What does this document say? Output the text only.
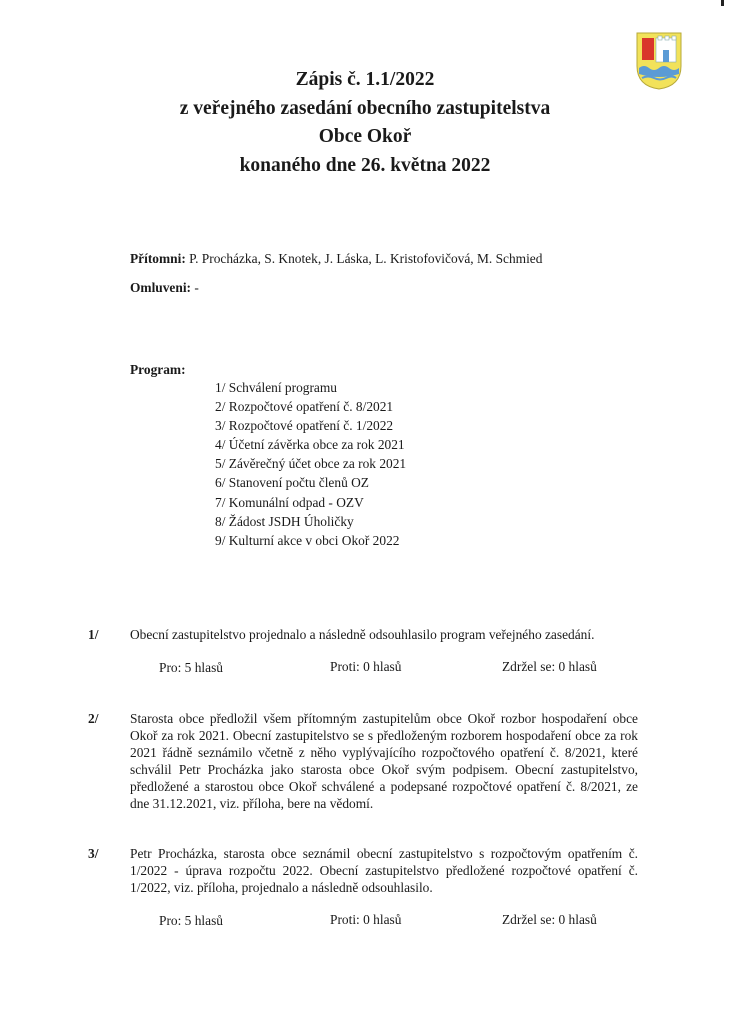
Zápis č. 1.1/2022
z veřejného zasedání obecního zastupitelstva
Obce Okoř
konaného dne 26. května 2022
Přítomni: P. Procházka, S. Knotek, J. Láska, L. Kristofovičová, M. Schmied
Omluveni: -
Program:
1/ Schválení programu
2/ Rozpočtové opatření č. 8/2021
3/ Rozpočtové opatření č. 1/2022
4/ Účetní závěrka obce za rok 2021
5/ Závěrečný účet obce za rok 2021
6/ Stanovení počtu členů OZ
7/ Komunální odpad - OZV
8/ Žádost JSDH Úholičky
9/ Kulturní akce v obci Okoř 2022
1/ Obecní zastupitelstvo projednalo a následně odsouhlasilo program veřejného zasedání.

Pro: 5 hlasů	Proti: 0 hlasů	Zdržel se: 0 hlasů
2/ Starosta obce předložil všem přítomným zastupitelům obce Okoř rozbor hospodaření obce Okoř za rok 2021. Obecní zastupitelstvo se s předloženým rozborem hospodaření obce za rok 2021 řádně seznámilo včetně z něho vyplývajícího rozpočtového opatření č. 8/2021, které schválil Petr Procházka jako starosta obce Okoř svým podpisem. Obecní zastupitelstvo, předložené a starostou obce Okoř schválené a podepsané rozpočtové opatření č. 8/2021, ze dne 31.12.2021, viz. příloha, bere na vědomí.

3/ Petr Procházka, starosta obce seznámil obecní zastupitelstvo s rozpočtovým opatřením č. 1/2022 - úprava rozpočtu 2022. Obecní zastupitelstvo předložené rozpočtové opatření č. 1/2022, viz. příloha, projednalo a následně odsouhlasilo.

Pro: 5 hlasů	Proti: 0 hlasů	Zdržel se: 0 hlasů
